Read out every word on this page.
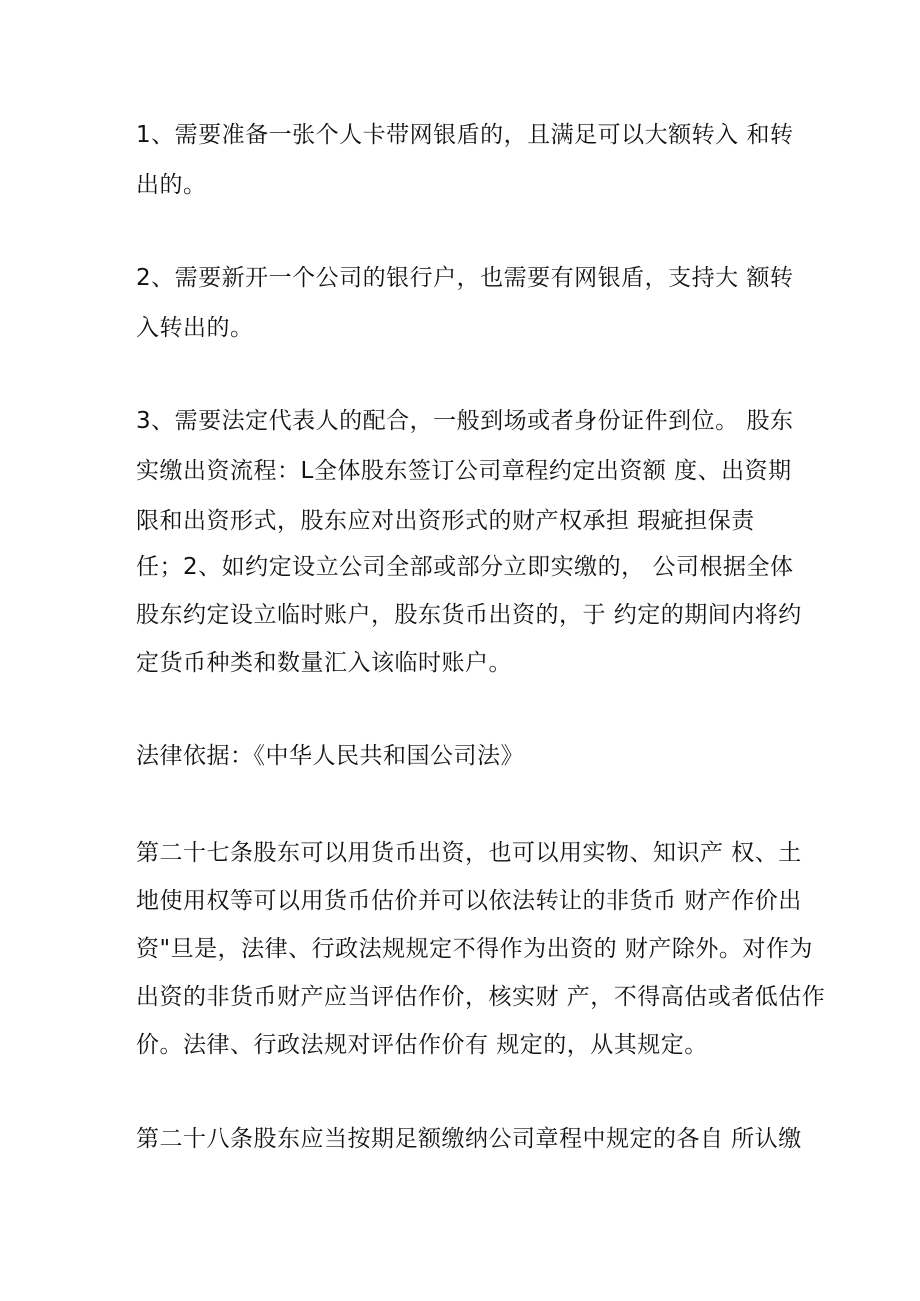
1、需要准备一张个人卡带网银盾的，且满足可以大额转入 和转
出的。
2、需要新开一个公司的银行户，也需要有网银盾，支持大 额转
入转出的。
3、需要法定代表人的配合，一般到场或者身份证件到位。 股东
实缴出资流程：L全体股东签订公司章程约定出资额 度、出资期
限和出资形式，股东应对出资形式的财产权承担 瑕疵担保责
任；2、如约定设立公司全部或部分立即实缴的， 公司根据全体
股东约定设立临时账户，股东货币出资的，于 约定的期间内将约
定货币种类和数量汇入该临时账户。
法律依据：《中华人民共和国公司法》
第二十七条股东可以用货币出资，也可以用实物、知识产 权、土
地使用权等可以用货币估价并可以依法转让的非货币 财产作价出
资"旦是，法律、行政法规规定不得作为出资的 财产除外。对作为
出资的非货币财产应当评估作价，核实财 产，不得高估或者低估作
价。法律、行政法规对评估作价有 规定的，从其规定。
第二十八条股东应当按期足额缴纳公司章程中规定的各自 所认缴
